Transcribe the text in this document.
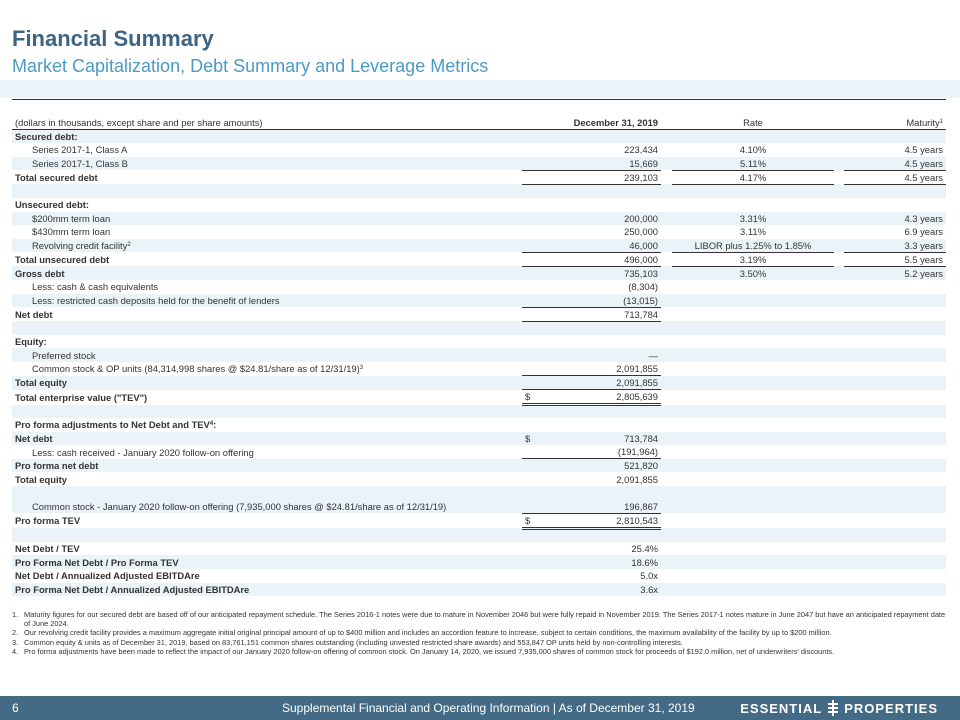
Financial Summary
Market Capitalization, Debt Summary and Leverage Metrics
(dollars in thousands, except share and per share amounts)	December 31, 2019		Rate		Maturity$^1$
Secured debt:					
Series 2017-1, Class A	223,434		4.10%		4.5 years
Series 2017-1, Class B	15,669		5.11%		4.5 years
Total secured debt	239,103		4.17%		4.5 years

Unsecured debt:					
$200mm term loan	200,000		3.31%		4.3 years
$430mm term loan	250,000		3.11%		6.9 years
Revolving credit facility$^2$	46,000		LIBOR plus 1.25% to 1.85%		3.3 years
Total unsecured debt	496,000		3.19%		5.5 years
Gross debt	735,103		3.50%		5.2 years
Less: cash & cash equivalents	(8,304)				
Less: restricted cash deposits held for the benefit of lenders	(13,015)				
Net debt	713,784				

Equity:					
Preferred stock	—				
Common stock & OP units (84,314,998 shares @ $24.81/share as of 12/31/19)$^3$	2,091,855				
Total equity	2,091,855				
Total enterprise value ("TEV")	$ 2,805,639				

Pro forma adjustments to Net Debt and TEV$^4$:					
Net debt	$ 713,784				

Less: cash received - January 2020 follow-on offering	(191,964)				
Pro forma net debt	521,820				
Total equity	2,091,855				

Common stock - January 2020 follow-on offering (7,935,000 shares @ $24.81/share as of 12/31/19)	196,867				
Pro forma TEV	$ 2,810,543				

Net Debt / TEV	25.4%				
Pro Forma Net Debt / Pro Forma TEV	18.6%				
Net Debt / Annualized Adjusted EBITDAre	5.0x				
Pro Forma Net Debt / Annualized Adjusted EBITDAre	3.6x				
1. Maturity figures for our secured debt are based off of our anticipated repayment schedule. The Series 2016-1 notes were due to mature in November 2046 but were fully repaid in November 2019. The Series 2017-1 notes mature in June 2047 but have an anticipated repayment date of June 2024.
2. Our revolving credit facility provides a maximum aggregate initial original principal amount of up to $400 million and includes an accordion feature to increase, subject to certain conditions, the maximum availability of the facility by up to $200 million.
3. Common equity & units as of December 31, 2019, based on 83,761,151 common shares outstanding (including unvested restricted share awards) and 553,847 OP units held by non-controlling interests.
4. Pro forma adjustments have been made to reflect the impact of our January 2020 follow-on offering of common stock. On January 14, 2020, we issued 7,935,000 shares of common stock for proceeds of $192.0 million, net of underwriters' discounts.
6	Supplemental Financial and Operating Information | As of December 31, 2019	ESSENTIAL PROPERTIES
